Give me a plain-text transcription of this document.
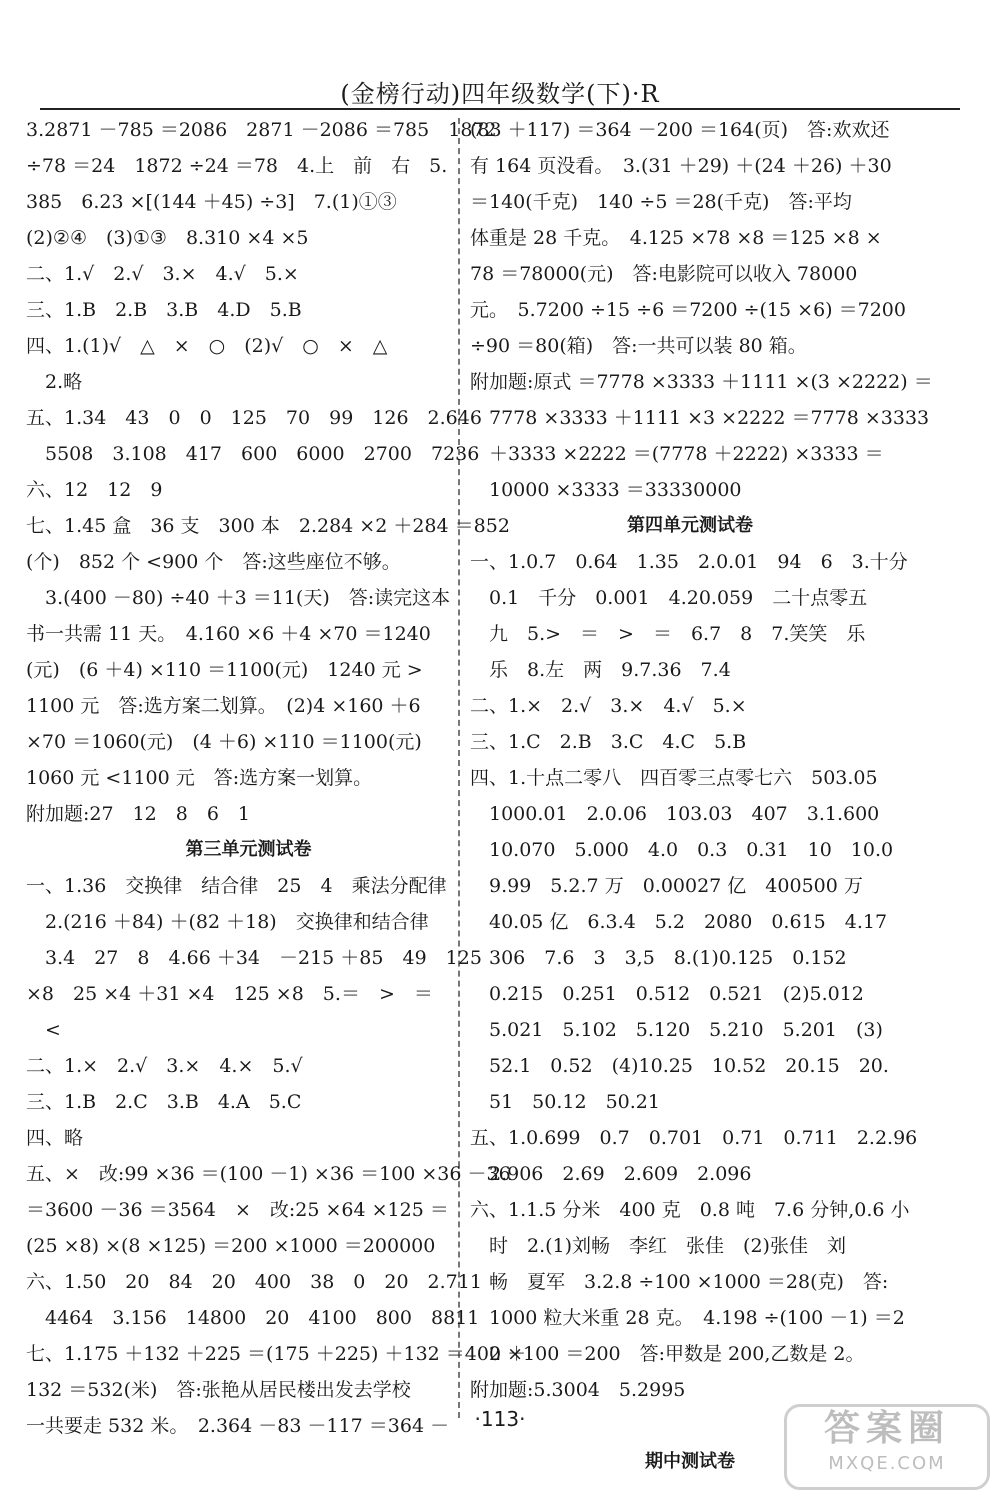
(金榜行动)四年级数学(下)·R
3.2871 －785 ＝2086　2871 －2086 ＝785　1872
÷78 ＝24　1872 ÷24 ＝78　4.上　前　右　5.
385　6.23 ×[(144 ＋45) ÷3]　7.(1)①③
(2)②④　(3)①③　8.310 ×4 ×5
二、1.√　2.√　3.×　4.√　5.×
三、1.B　2.B　3.B　4.D　5.B
四、1.(1)√　△　×　○　(2)√　○　×　△
　2.略
五、1.34　43　0　0　125　70　99　126　2.646
　5508　3.108　417　600　6000　2700　7236
六、12　12　9
七、1.45 盒　36 支　300 本　2.284 ×2 ＋284 ＝852
(个)　852 个 <900 个　答:这些座位不够。
　3.(400 －80) ÷40 ＋3 ＝11(天)　答:读完这本
书一共需 11 天。　4.160 ×6 ＋4 ×70 ＝1240
(元)　(6 ＋4) ×110 ＝1100(元)　1240 元 >
1100 元　答:选方案二划算。　(2)4 ×160 ＋6
×70 ＝1060(元)　(4 ＋6) ×110 ＝1100(元)
1060 元 <1100 元　答:选方案一划算。
附加题:27　12　8　6　1
第三单元测试卷
一、1.36　交换律　结合律　25　4　乘法分配律
　2.(216 ＋84) ＋(82 ＋18)　交换律和结合律
　3.4　27　8　4.66 ＋34　－215 ＋85　49　125
×8　25 ×4 ＋31 ×4　125 ×8　5.＝　>　＝
　<
二、1.×　2.√　3.×　4.×　5.√
三、1.B　2.C　3.B　4.A　5.C
四、略
五、×　改:99 ×36 ＝(100 －1) ×36 ＝100 ×36 －36
＝3600 －36 ＝3564　×　改:25 ×64 ×125 ＝
(25 ×8) ×(8 ×125) ＝200 ×1000 ＝200000
六、1.50　20　84　20　400　38　0　20　2.711
　4464　3.156　14800　20　4100　800　8811
七、1.175 ＋132 ＋225 ＝(175 ＋225) ＋132 ＝400 ＋
132 ＝532(米)　答:张艳从居民楼出发去学校
一共要走 532 米。　2.364 －83 －117 ＝364 －
(83 ＋117) ＝364 －200 ＝164(页)　答:欢欢还
有 164 页没看。　3.(31 ＋29) ＋(24 ＋26) ＋30
＝140(千克)　140 ÷5 ＝28(千克)　答:平均
体重是 28 千克。　4.125 ×78 ×8 ＝125 ×8 ×
78 ＝78000(元)　答:电影院可以收入 78000
元。　5.7200 ÷15 ÷6 ＝7200 ÷(15 ×6) ＝7200
÷90 ＝80(箱)　答:一共可以装 80 箱。
附加题:原式 ＝7778 ×3333 ＋1111 ×(3 ×2222) ＝
　7778 ×3333 ＋1111 ×3 ×2222 ＝7778 ×3333
　＋3333 ×2222 ＝(7778 ＋2222) ×3333 ＝
　10000 ×3333 ＝33330000
第四单元测试卷
一、1.0.7　0.64　1.35　2.0.01　94　6　3.十分
　0.1　千分　0.001　4.20.059　二十点零五
　九　5.>　＝　>　＝　6.7　8　7.笑笑　乐
　乐　8.左　两　9.7.36　7.4
二、1.×　2.√　3.×　4.√　5.×
三、1.C　2.B　3.C　4.C　5.B
四、1.十点二零八　四百零三点零七六　503.05
　1000.01　2.0.06　103.03　407　3.1.600
　10.070　5.000　4.0　0.3　0.31　10　10.0
　9.99　5.2.7 万　0.00027 亿　400500 万
　40.05 亿　6.3.4　5.2　2080　0.615　4.17
　306　7.6　3　3,5　8.(1)0.125　0.152
　0.215　0.251　0.512　0.521　(2)5.012
　5.021　5.102　5.120　5.210　5.201　(3)
　52.1　0.52　(4)10.25　10.52　20.15　20.
　51　50.12　50.21
五、1.0.699　0.7　0.701　0.71　0.711　2.2.96
　2.906　2.69　2.609　2.096
六、1.1.5 分米　400 克　0.8 吨　7.6 分钟,0.6 小
　时　2.(1)刘畅　李红　张佳　(2)张佳　刘
　畅　夏军　3.2.8 ÷100 ×1000 ＝28(克)　答:
　1000 粒大米重 28 克。　4.198 ÷(100 －1) ＝2
　2 ×100 ＝200　答:甲数是 200,乙数是 2。
附加题:5.3004　5.2995
期中测试卷
·113·	答案圈
MXQE.COM
